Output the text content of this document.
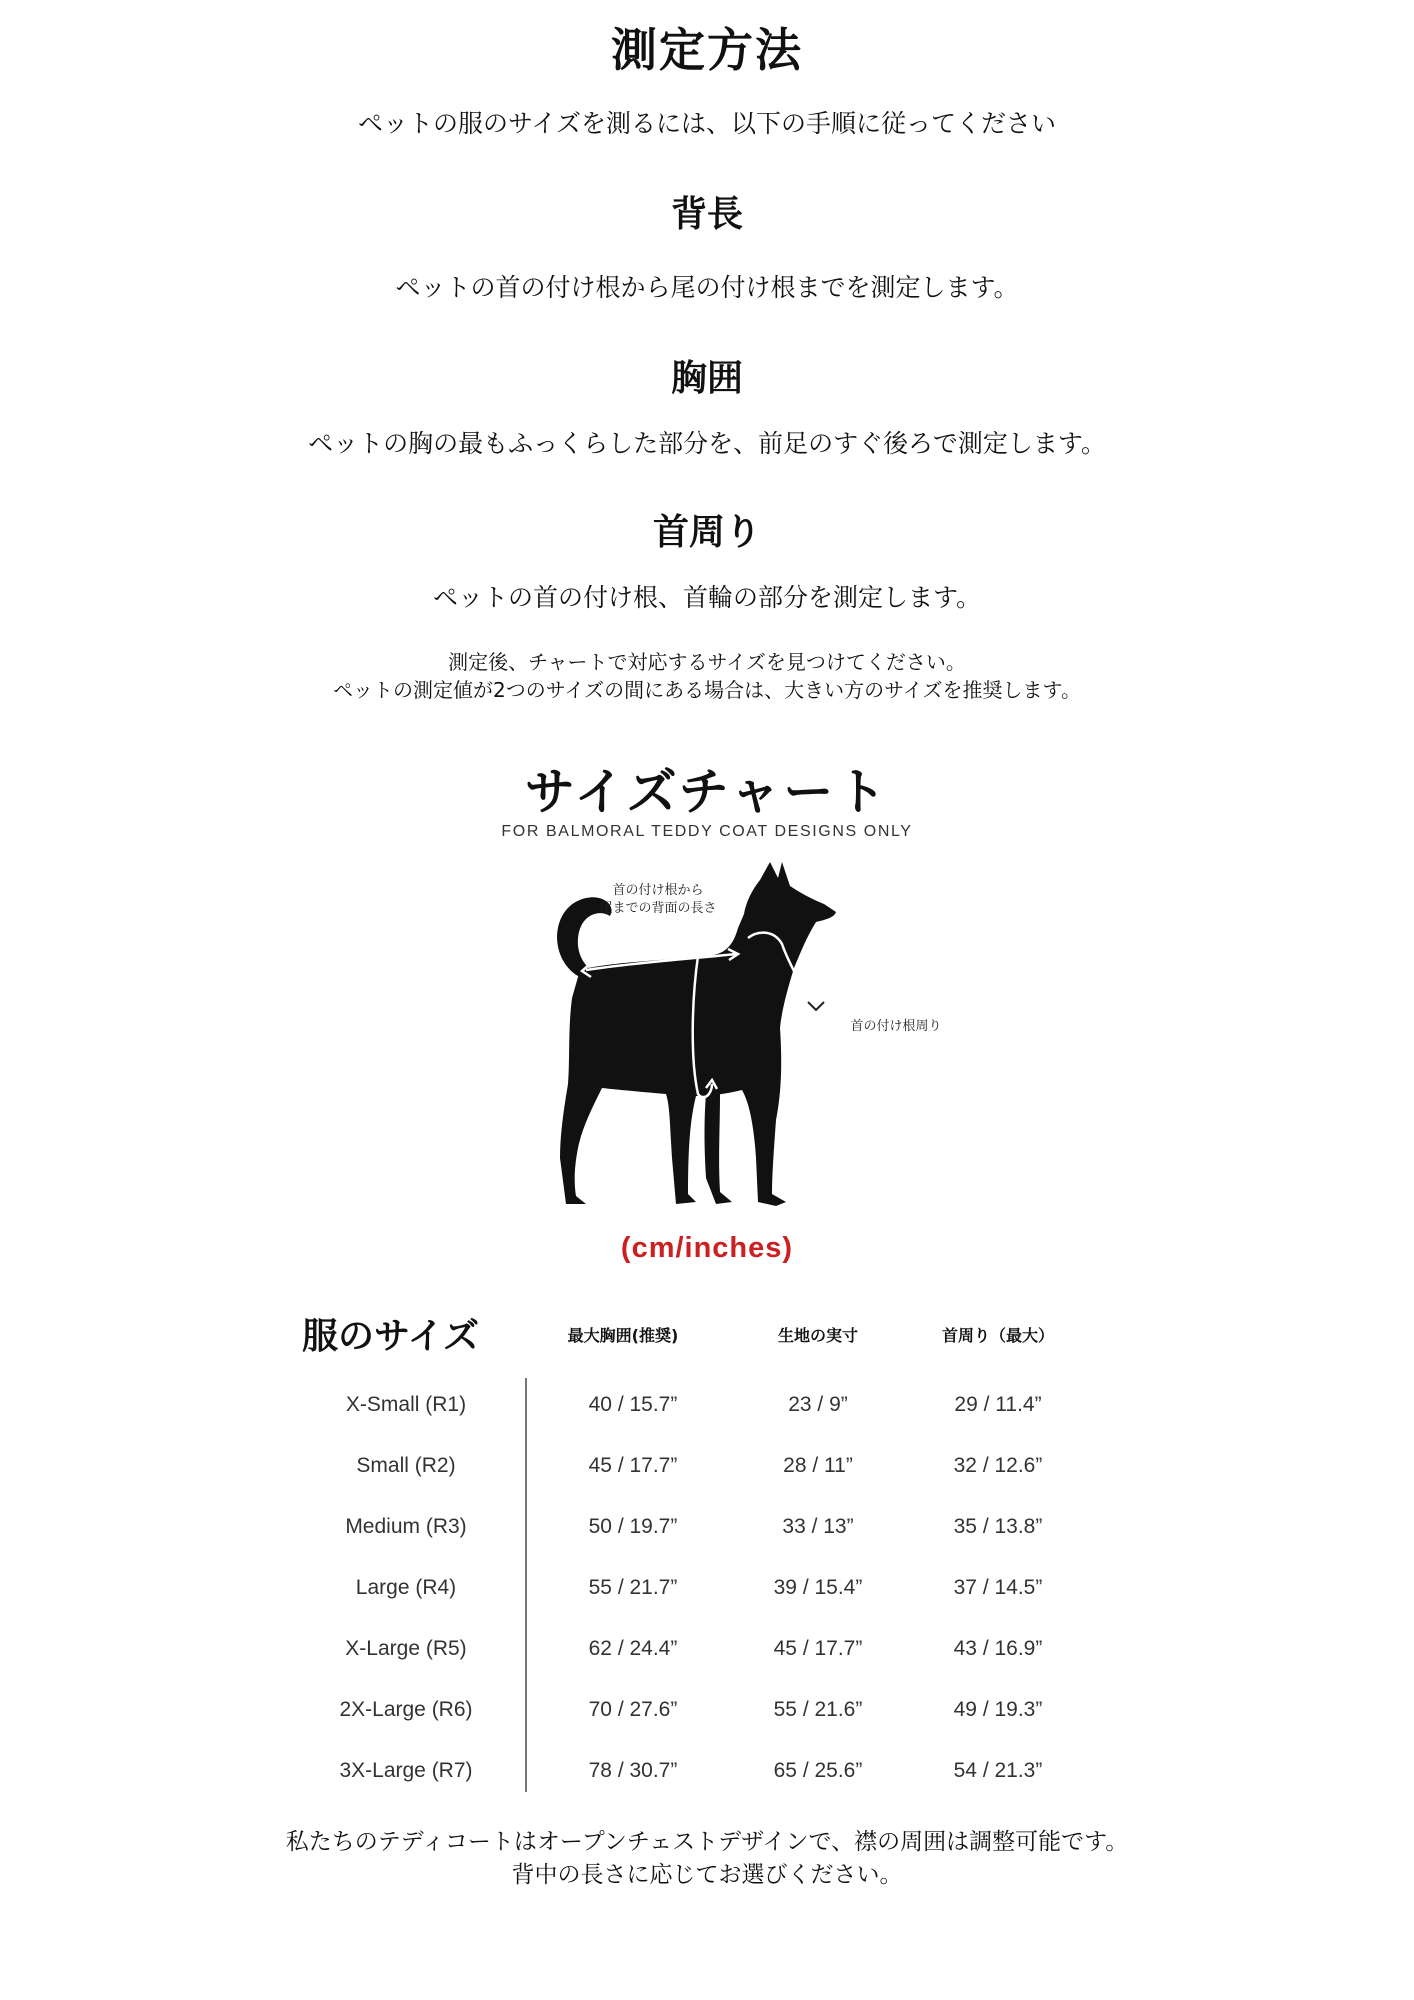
測定方法
ペットの服のサイズを測るには、以下の手順に従ってください
背長
ペットの首の付け根から尾の付け根までを測定します。
胸囲
ペットの胸の最もふっくらした部分を、前足のすぐ後ろで測定します。
首周り
ペットの首の付け根、首輪の部分を測定します。
測定後、チャートで対応するサイズを見つけてください。
ペットの測定値が2つのサイズの間にある場合は、大きい方のサイズを推奨します。
サイズチャート
FOR BALMORAL TEDDY COAT DESIGNS ONLY
首の付け根から
尾までの背面の長さ
首の付け根周り
(cm/inches)
服のサイズ	最大胸囲(推奨)	生地の実寸	首周り（最大）
X-Small (R1)	40 / 15.7”	23 / 9”	29 / 11.4”
Small (R2)	45 / 17.7”	28 / 11”	32 / 12.6”
Medium (R3)	50 / 19.7”	33 / 13”	35 / 13.8”
Large (R4)	55 / 21.7”	39 / 15.4”	37 / 14.5”
X-Large (R5)	62 / 24.4”	45 / 17.7”	43 / 16.9”
2X-Large (R6)	70 / 27.6”	55 / 21.6”	49 / 19.3”
3X-Large (R7)	78 / 30.7”	65 / 25.6”	54 / 21.3”
私たちのテディコートはオープンチェストデザインで、襟の周囲は調整可能です。
背中の長さに応じてお選びください。
